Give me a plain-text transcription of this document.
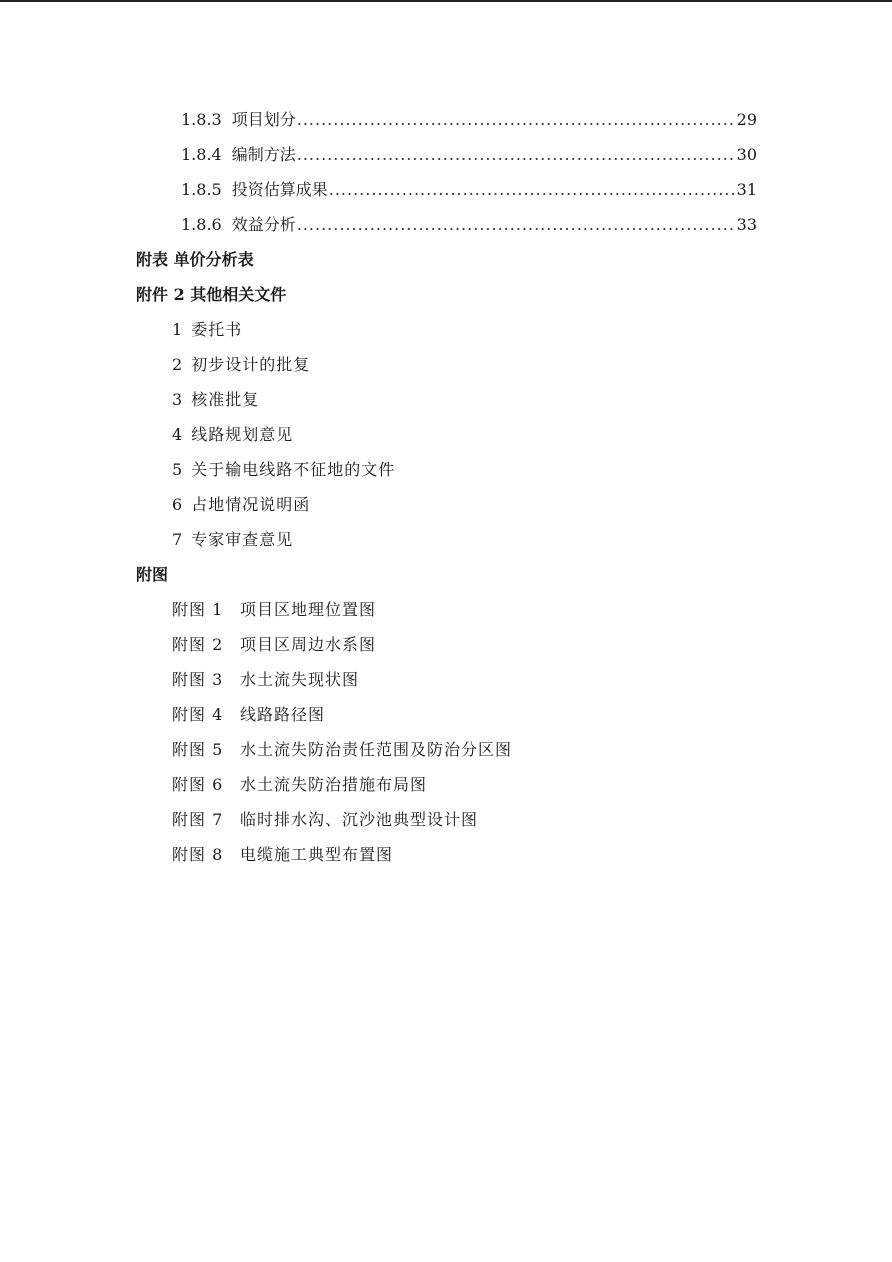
1.8.3 项目划分 .....	29
1.8.4 编制方法 .....	30
1.8.5 投资估算成果 .....	31
1.8.6 效益分析 .....	33
附表 单价分析表
附件 2 其他相关文件
1 委托书
2 初步设计的批复
3 核准批复
4 线路规划意见
5 关于输电线路不征地的文件
6 占地情况说明函
7 专家审查意见
附图
附图 1 项目区地理位置图
附图 2 项目区周边水系图
附图 3 水土流失现状图
附图 4 线路路径图
附图 5 水土流失防治责任范围及防治分区图
附图 6 水土流失防治措施布局图
附图 7 临时排水沟、沉沙池典型设计图
附图 8 电缆施工典型布置图
